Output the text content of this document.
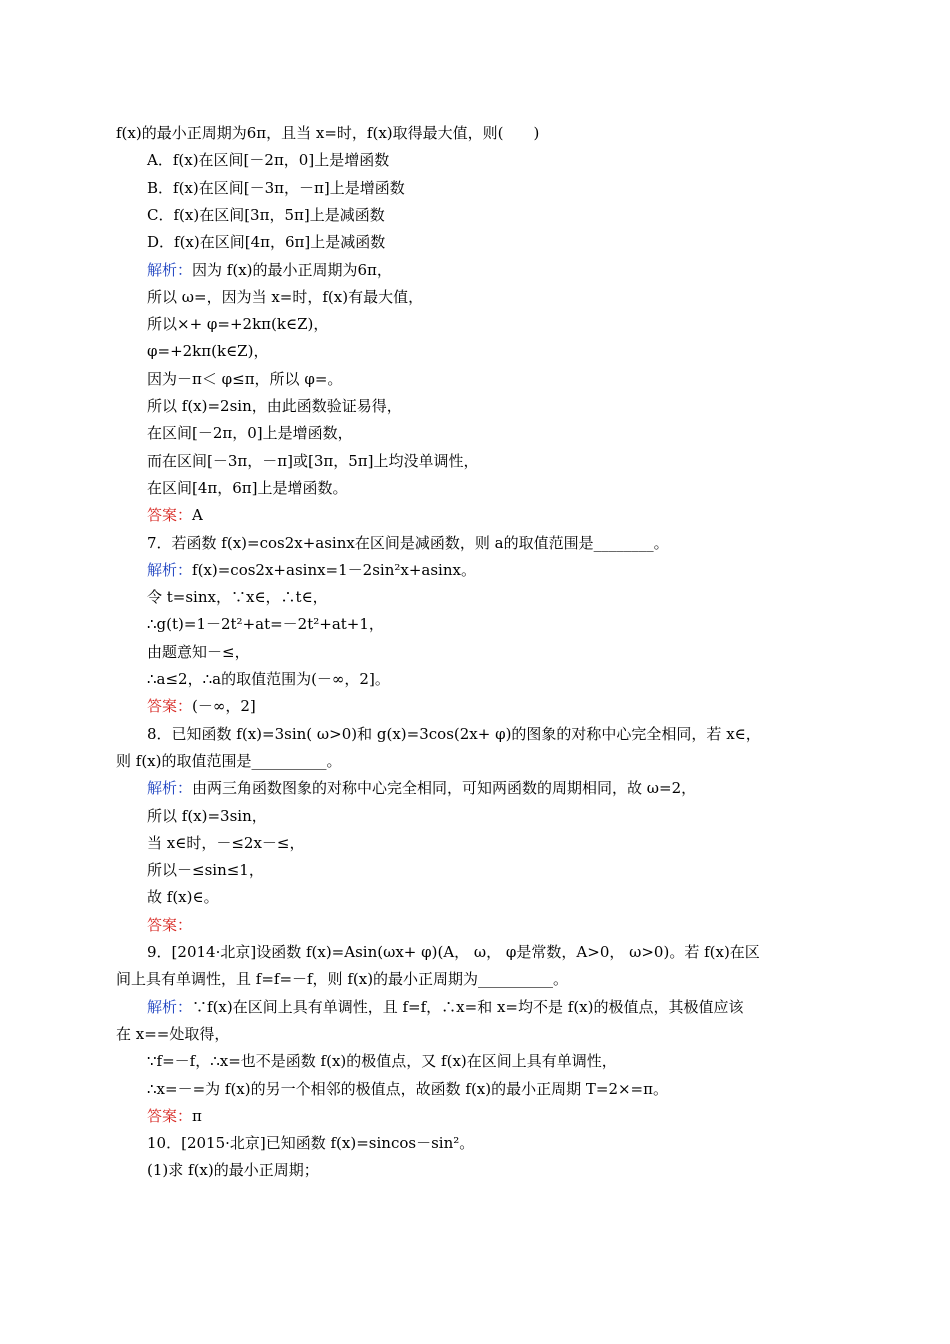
f(x)的最小正周期为6π，且当 x=时，f(x)取得最大值，则(　　)
A．f(x)在区间[－2π，0]上是增函数
B．f(x)在区间[－3π，－π]上是增函数
C．f(x)在区间[3π，5π]上是减函数
D．f(x)在区间[4π，6π]上是减函数
解析：因为 f(x)的最小正周期为6π，
所以 ω=，因为当 x=时，f(x)有最大值，
所以×+ φ=+2kπ(k∈Z)，
φ=+2kπ(k∈Z)，
因为－π＜ φ≤π，所以 φ=。
所以 f(x)=2sin，由此函数验证易得，
在区间[－2π，0]上是增函数，
而在区间[－3π，－π]或[3π，5π]上均没单调性，
在区间[4π，6π]上是增函数。
答案：A
7．若函数 f(x)=cos2x+asinx在区间是减函数，则 a的取值范围是________。
解析：f(x)=cos2x+asinx=1－2sin²x+asinx。
令 t=sinx，∵x∈，∴t∈，
∴g(t)=1－2t²+at=－2t²+at+1，
由题意知－≤，
∴a≤2，∴a的取值范围为(－∞，2]。
答案：(－∞，2]
8．已知函数 f(x)=3sin( ω>0)和 g(x)=3cos(2x+ φ)的图象的对称中心完全相同，若 x∈，
则 f(x)的取值范围是__________。
解析：由两三角函数图象的对称中心完全相同，可知两函数的周期相同，故 ω=2，
所以 f(x)=3sin，
当 x∈时，－≤2x－≤，
所以－≤sin≤1，
故 f(x)∈。
答案：
9．[2014·北京]设函数 f(x)=Asin(ωx+ φ)(A， ω， φ是常数，A>0， ω>0)。若 f(x)在区
间上具有单调性，且 f=f=－f，则 f(x)的最小正周期为__________。
解析：∵f(x)在区间上具有单调性，且 f=f，∴x=和 x=均不是 f(x)的极值点，其极值应该
在 x==处取得，
∵f=－f，∴x=也不是函数 f(x)的极值点，又 f(x)在区间上具有单调性，
∴x=－=为 f(x)的另一个相邻的极值点，故函数 f(x)的最小正周期 T=2×=π。
答案：π
10．[2015·北京]已知函数 f(x)=sincos－sin²。
(1)求 f(x)的最小正周期；
